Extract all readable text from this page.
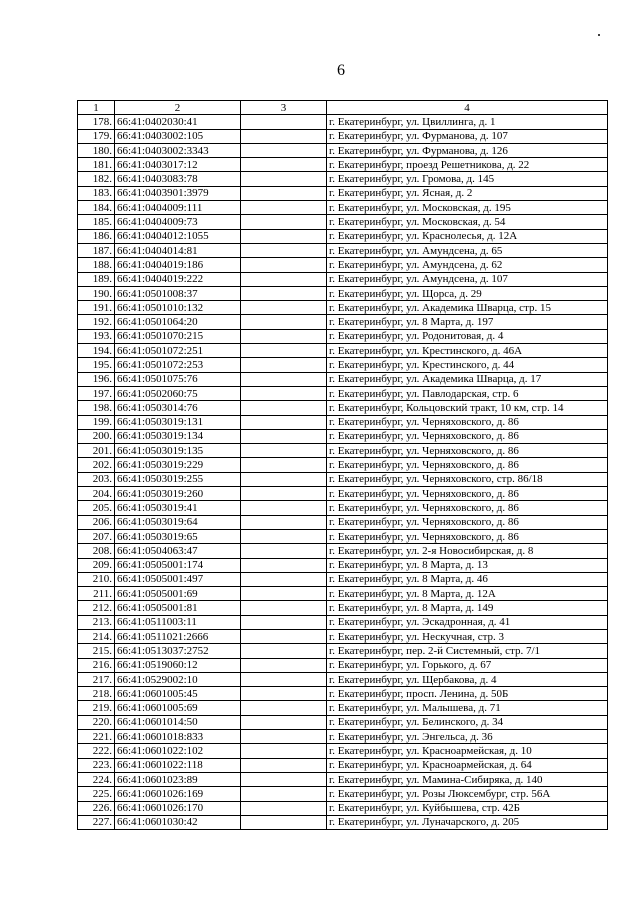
6
1	2	3	4
178.	66:41:0402030:41		г. Екатеринбург, ул. Цвиллинга, д. 1
179.	66:41:0403002:105		г. Екатеринбург, ул. Фурманова, д. 107
180.	66:41:0403002:3343		г. Екатеринбург, ул. Фурманова, д. 126
181.	66:41:0403017:12		г. Екатеринбург, проезд Решетникова, д. 22
182.	66:41:0403083:78		г. Екатеринбург, ул. Громова, д. 145
183.	66:41:0403901:3979		г. Екатеринбург, ул. Ясная, д. 2
184.	66:41:0404009:111		г. Екатеринбург, ул. Московская, д. 195
185.	66:41:0404009:73		г. Екатеринбург, ул. Московская, д. 54
186.	66:41:0404012:1055		г. Екатеринбург, ул. Краснолесья, д. 12А
187.	66:41:0404014:81		г. Екатеринбург, ул. Амундсена, д. 65
188.	66:41:0404019:186		г. Екатеринбург, ул. Амундсена, д. 62
189.	66:41:0404019:222		г. Екатеринбург, ул. Амундсена, д. 107
190.	66:41:0501008:37		г. Екатеринбург, ул. Щорса, д. 29
191.	66:41:0501010:132		г. Екатеринбург, ул. Академика Шварца, стр. 15
192.	66:41:0501064:20		г. Екатеринбург, ул. 8 Марта, д. 197
193.	66:41:0501070:215		г. Екатеринбург, ул. Родонитовая, д. 4
194.	66:41:0501072:251		г. Екатеринбург, ул. Крестинского, д. 46А
195.	66:41:0501072:253		г. Екатеринбург, ул. Крестинского, д. 44
196.	66:41:0501075:76		г. Екатеринбург, ул. Академика Шварца, д. 17
197.	66:41:0502060:75		г. Екатеринбург, ул. Павлодарская, стр. 6
198.	66:41:0503014:76		г. Екатеринбург, Кольцовский тракт, 10 км, стр. 14
199.	66:41:0503019:131		г. Екатеринбург, ул. Черняховского, д. 86
200.	66:41:0503019:134		г. Екатеринбург, ул. Черняховского, д. 86
201.	66:41:0503019:135		г. Екатеринбург, ул. Черняховского, д. 86
202.	66:41:0503019:229		г. Екатеринбург, ул. Черняховского, д. 86
203.	66:41:0503019:255		г. Екатеринбург, ул. Черняховского, стр. 86/18
204.	66:41:0503019:260		г. Екатеринбург, ул. Черняховского, д. 86
205.	66:41:0503019:41		г. Екатеринбург, ул. Черняховского, д. 86
206.	66:41:0503019:64		г. Екатеринбург, ул. Черняховского, д. 86
207.	66:41:0503019:65		г. Екатеринбург, ул. Черняховского, д. 86
208.	66:41:0504063:47		г. Екатеринбург, ул. 2-я Новосибирская, д. 8
209.	66:41:0505001:174		г. Екатеринбург, ул. 8 Марта, д. 13
210.	66:41:0505001:497		г. Екатеринбург, ул. 8 Марта, д. 46
211.	66:41:0505001:69		г. Екатеринбург, ул. 8 Марта, д. 12А
212.	66:41:0505001:81		г. Екатеринбург, ул. 8 Марта, д. 149
213.	66:41:0511003:11		г. Екатеринбург, ул. Эскадронная, д. 41
214.	66:41:0511021:2666		г. Екатеринбург, ул. Нескучная, стр. 3
215.	66:41:0513037:2752		г. Екатеринбург, пер. 2-й Системный, стр. 7/1
216.	66:41:0519060:12		г. Екатеринбург, ул. Горького, д. 67
217.	66:41:0529002:10		г. Екатеринбург, ул. Щербакова, д. 4
218.	66:41:0601005:45		г. Екатеринбург, просп. Ленина, д. 50Б
219.	66:41:0601005:69		г. Екатеринбург, ул. Малышева, д. 71
220.	66:41:0601014:50		г. Екатеринбург, ул. Белинского, д. 34
221.	66:41:0601018:833		г. Екатеринбург, ул. Энгельса, д. 36
222.	66:41:0601022:102		г. Екатеринбург, ул. Красноармейская, д. 10
223.	66:41:0601022:118		г. Екатеринбург, ул. Красноармейская, д. 64
224.	66:41:0601023:89		г. Екатеринбург, ул. Мамина-Сибиряка, д. 140
225.	66:41:0601026:169		г. Екатеринбург, ул. Розы Люксембург, стр. 56А
226.	66:41:0601026:170		г. Екатеринбург, ул. Куйбышева, стр. 42Б
227.	66:41:0601030:42		г. Екатеринбург, ул. Луначарского, д. 205
